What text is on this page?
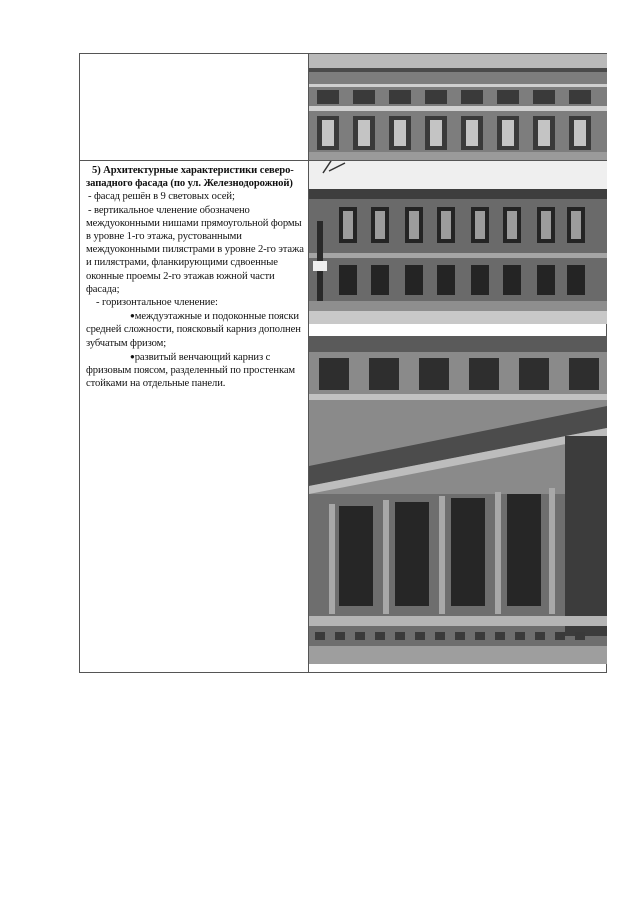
5) Архитектурные характеристики северо-западного фасада (по ул. Железнодорожной)

- фасад решён в 9 световых осей;

- вертикальное членение обозначено междуоконными нишами прямоугольной формы в уровне 1-го этажа, рустованными междуоконными пилястрами в уровне 2-го этажа и пилястрами, фланкирующими сдвоенные оконные проемы 2-го этажав южной части фасада;

- горизонтальное членение:

●междуэтажные и подоконные пояски средней сложности, поясковый карниз дополнен зубчатым фризом;

●развитый венчающий карниз с фризовым поясом, разделенный по простенкам стойками на отдельные панели.
